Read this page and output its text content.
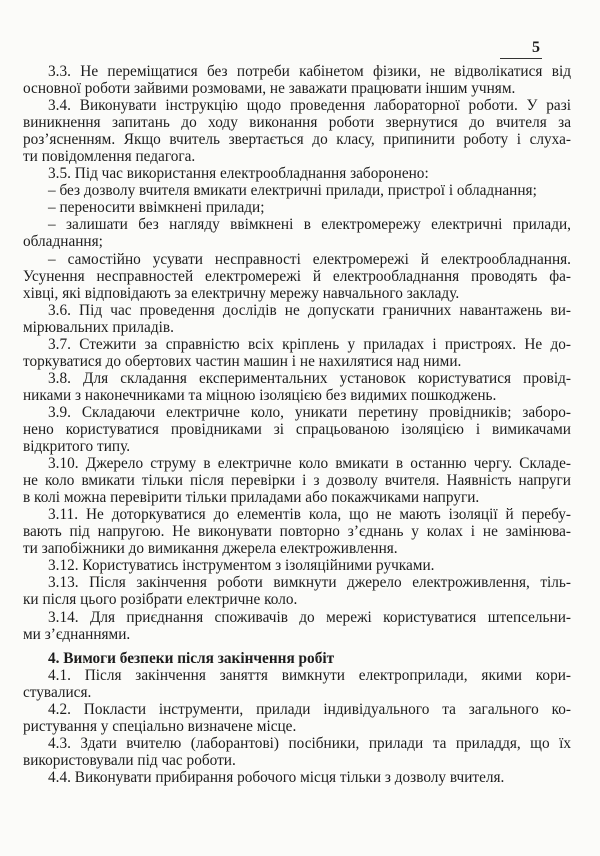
5
3.3. Не переміщатися без потреби кабінетом фізики, не відволікатися від
основної роботи зайвими розмовами, не заважати працювати іншим учням.
3.4. Виконувати інструкцію щодо проведення лабораторної роботи. У разі
виникнення запитань до ходу виконання роботи звернутися до вчителя за
роз’ясненням. Якщо вчитель звертається до класу, припинити роботу і слуха-
ти повідомлення педагога.
3.5. Під час використання електрообладнання заборонено:
– без дозволу вчителя вмикати електричні прилади, пристрої і обладнання;
– переносити ввімкнені прилади;
– залишати без нагляду ввімкнені в електромережу електричні прилади,
обладнання;
– самостійно усувати несправності електромережі й електрообладнання.
Усунення несправностей електромережі й електрообладнання проводять фа-
хівці, які відповідають за електричну мережу навчального закладу.
3.6. Під час проведення дослідів не допускати граничних навантажень ви-
мірювальних приладів.
3.7. Стежити за справністю всіх кріплень у приладах і пристроях. Не до-
торкуватися до обертових частин машин і не нахилятися над ними.
3.8. Для складання експериментальних установок користуватися провід-
никами з наконечниками та міцною ізоляцією без видимих пошкоджень.
3.9. Складаючи електричне коло, уникати перетину провідників; заборо-
нено користуватися провідниками зі спрацьованою ізоляцією і вимикачами
відкритого типу.
3.10. Джерело струму в електричне коло вмикати в останню чергу. Складе-
не коло вмикати тільки після перевірки і з дозволу вчителя. Наявність напруги
в колі можна перевірити тільки приладами або покажчиками напруги.
3.11. Не доторкуватися до елементів кола, що не мають ізоляції й перебу-
вають під напругою. Не виконувати повторно з’єднань у колах і не замінюва-
ти запобіжники до вимикання джерела електроживлення.
3.12. Користуватись інструментом з ізоляційними ручками.
3.13. Після закінчення роботи вимкнути джерело електроживлення, тіль-
ки після цього розібрати електричне коло.
3.14. Для приєднання споживачів до мережі користуватися штепсельни-
ми з’єднаннями.
4. Вимоги безпеки після закінчення робіт
4.1. Після закінчення заняття вимкнути електроприлади, якими кори-
стувалися.
4.2. Покласти інструменти, прилади індивідуального та загального ко-
ристування у спеціально визначене місце.
4.3. Здати вчителю (лаборантові) посібники, прилади та приладдя, що їх
використовували під час роботи.
4.4. Виконувати прибирання робочого місця тільки з дозволу вчителя.
